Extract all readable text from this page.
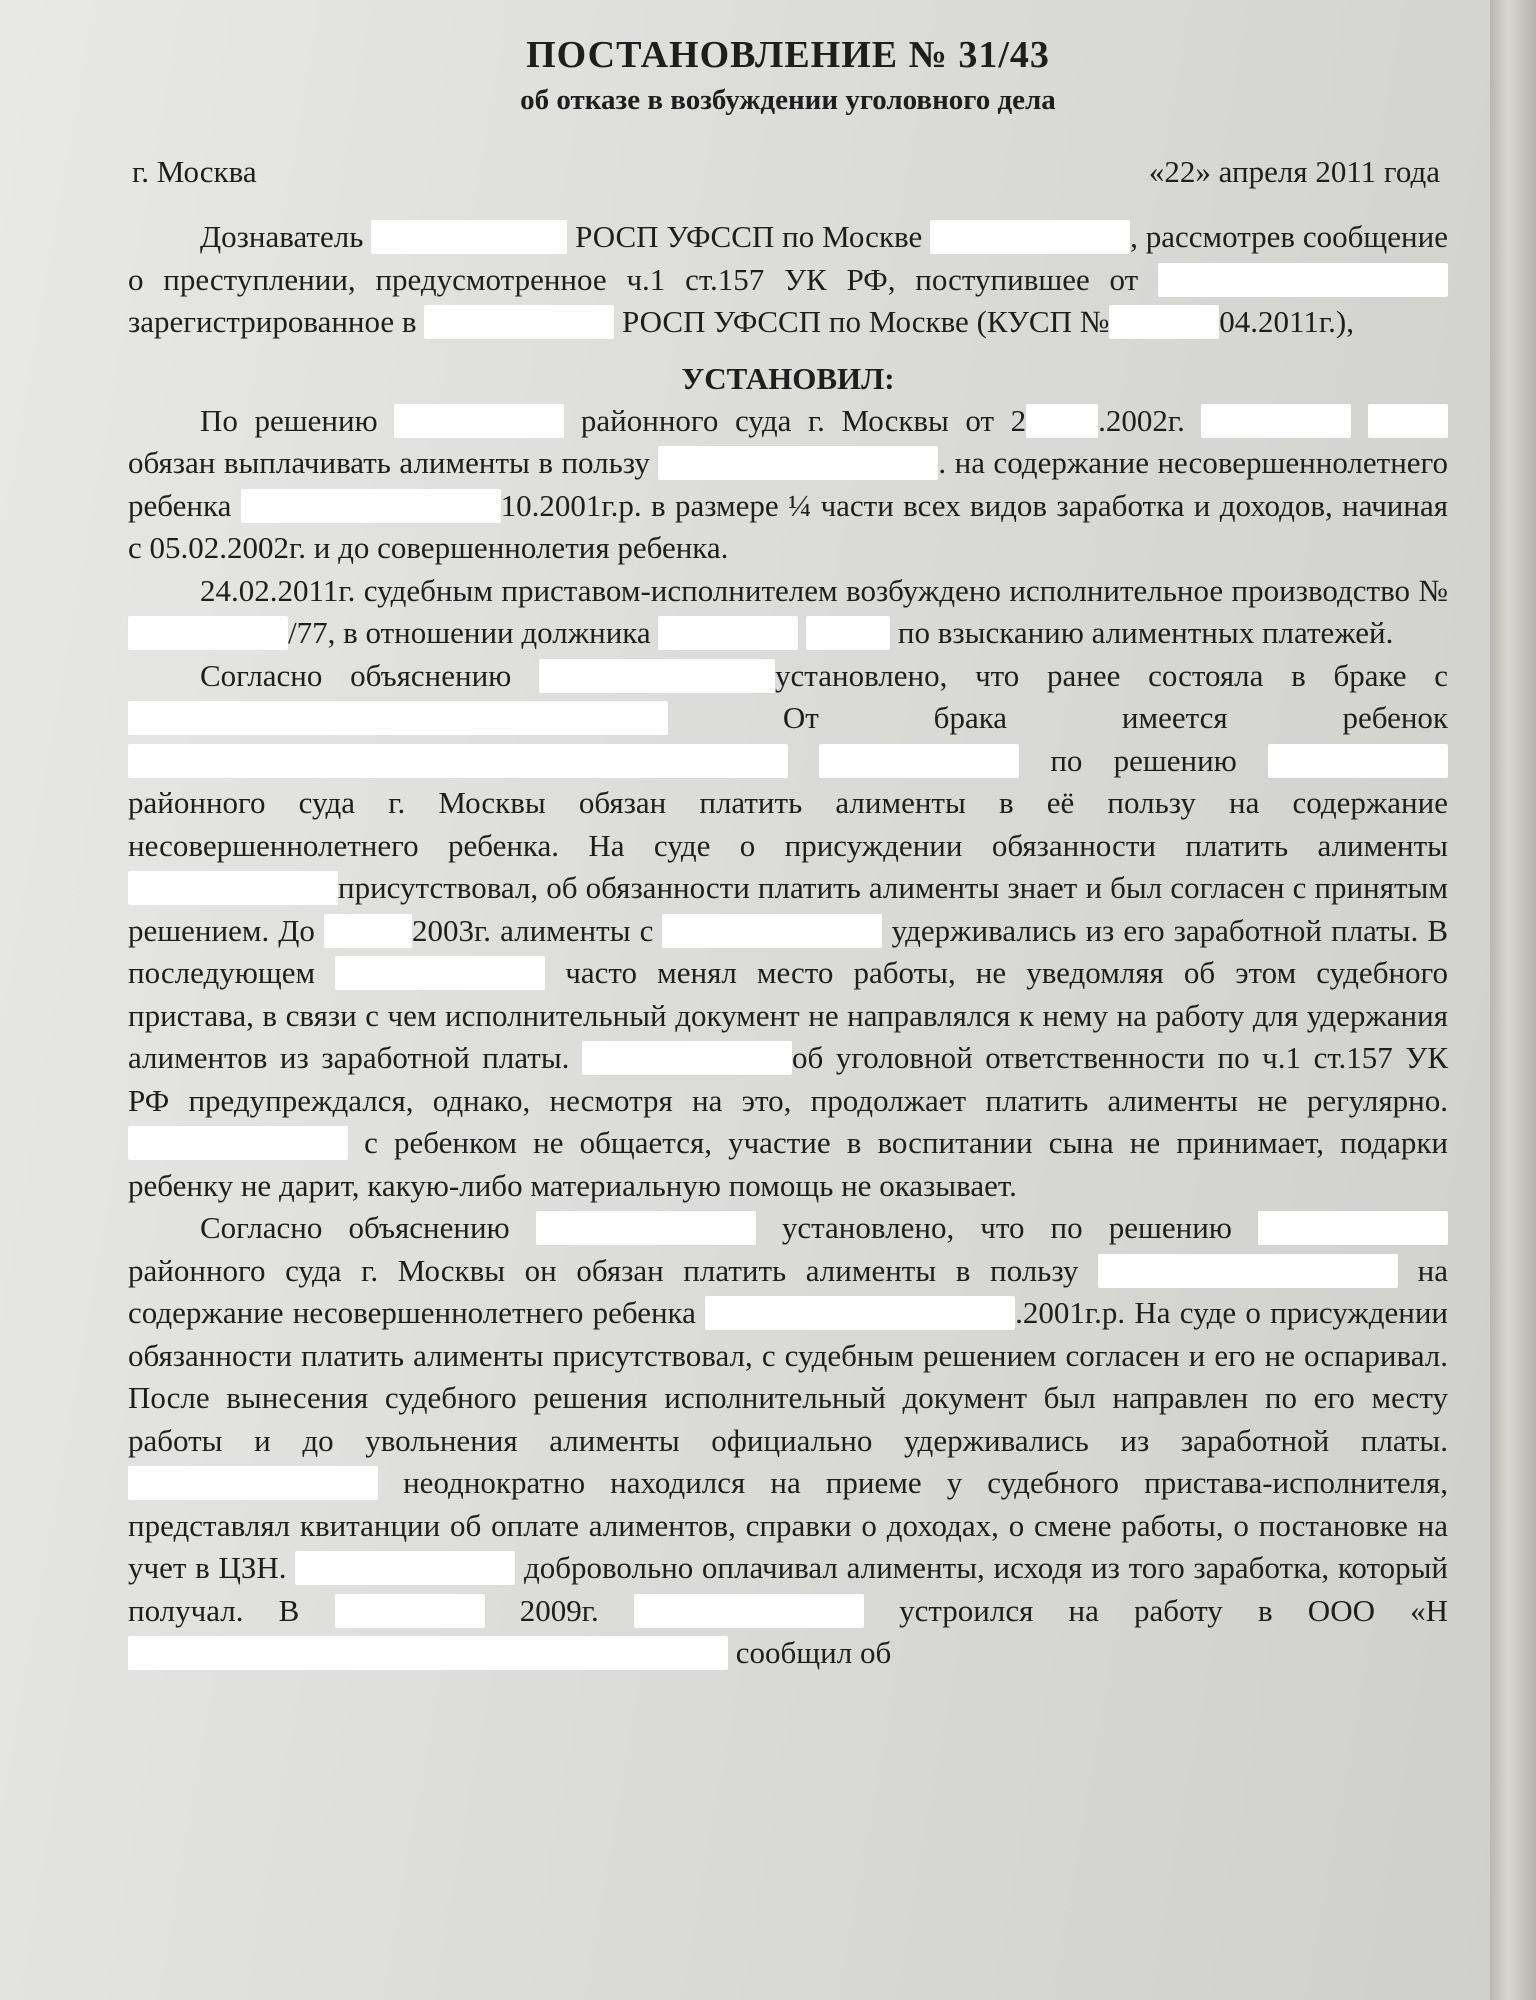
ПОСТАНОВЛЕНИЕ № 31/43
об отказе в возбуждении уголовного дела
г. Москва	«22» апреля 2011 года

Дознаватель	РОСП УФССП по Москве	, рассмотрев сообщение о преступлении, предусмотренное ч.1 ст.157 УК РФ, поступившее от зарегистрированное в	РОСП УФССП по Москве (КУСП №	04.2011г.),

УСТАНОВИЛ:

По решению	районного суда г. Москвы от 2 .2002г.   обязан выплачивать алименты в пользу	. на содержание несовершеннолетнего ребенка	10.2001г.р. в размере ¼ части всех видов заработка и доходов, начиная с 05.02.2002г. и до совершеннолетия ребенка.

24.02.2011г. судебным приставом-исполнителем возбуждено исполнительное производство №/77, в отношении должника	по взысканию алиментных платежей.

Согласно объяснению	установлено, что ранее состояла в браке с  От брака имеется ребенок   по решению  районного суда г. Москвы обязан платить алименты в её пользу на содержание несовершеннолетнего ребенка. На суде о присуждении обязанности платить алименты присутствовал, об обязанности платить алименты знает и был согласен с принятым решением. До	2003г. алименты с	удерживались из его заработной платы. В последующем	часто менял место работы, не уведомляя об этом судебного пристава, в связи с чем исполнительный документ не направлялся к нему на работу для удержания алиментов из заработной платы.	об уголовной ответственности по ч.1 ст.157 УК РФ предупреждался, однако, несмотря на это, продолжает платить алименты не регулярно.  с ребенком не общается, участие в воспитании сына не принимает, подарки ребенку не дарит, какую-либо материальную помощь не оказывает.

Согласно объяснению	установлено, что по решению  районного суда г. Москвы он обязан платить алименты в пользу	на содержание несовершеннолетнего ребенка	.2001г.р. На суде о присуждении обязанности платить алименты присутствовал, с судебным решением согласен и его не оспаривал. После вынесения судебного решения исполнительный документ был направлен по его месту работы и до увольнения алименты официально удерживались из заработной платы.  неоднократно находился на приеме у судебного пристава-исполнителя, представлял квитанции об оплате алиментов, справки о доходах, о смене работы, о постановке на учет в ЦЗН.	добровольно оплачивал алименты, исходя из того заработка, который получал. В	2009г.	устроился на работу в ООО «Н сообщил об
